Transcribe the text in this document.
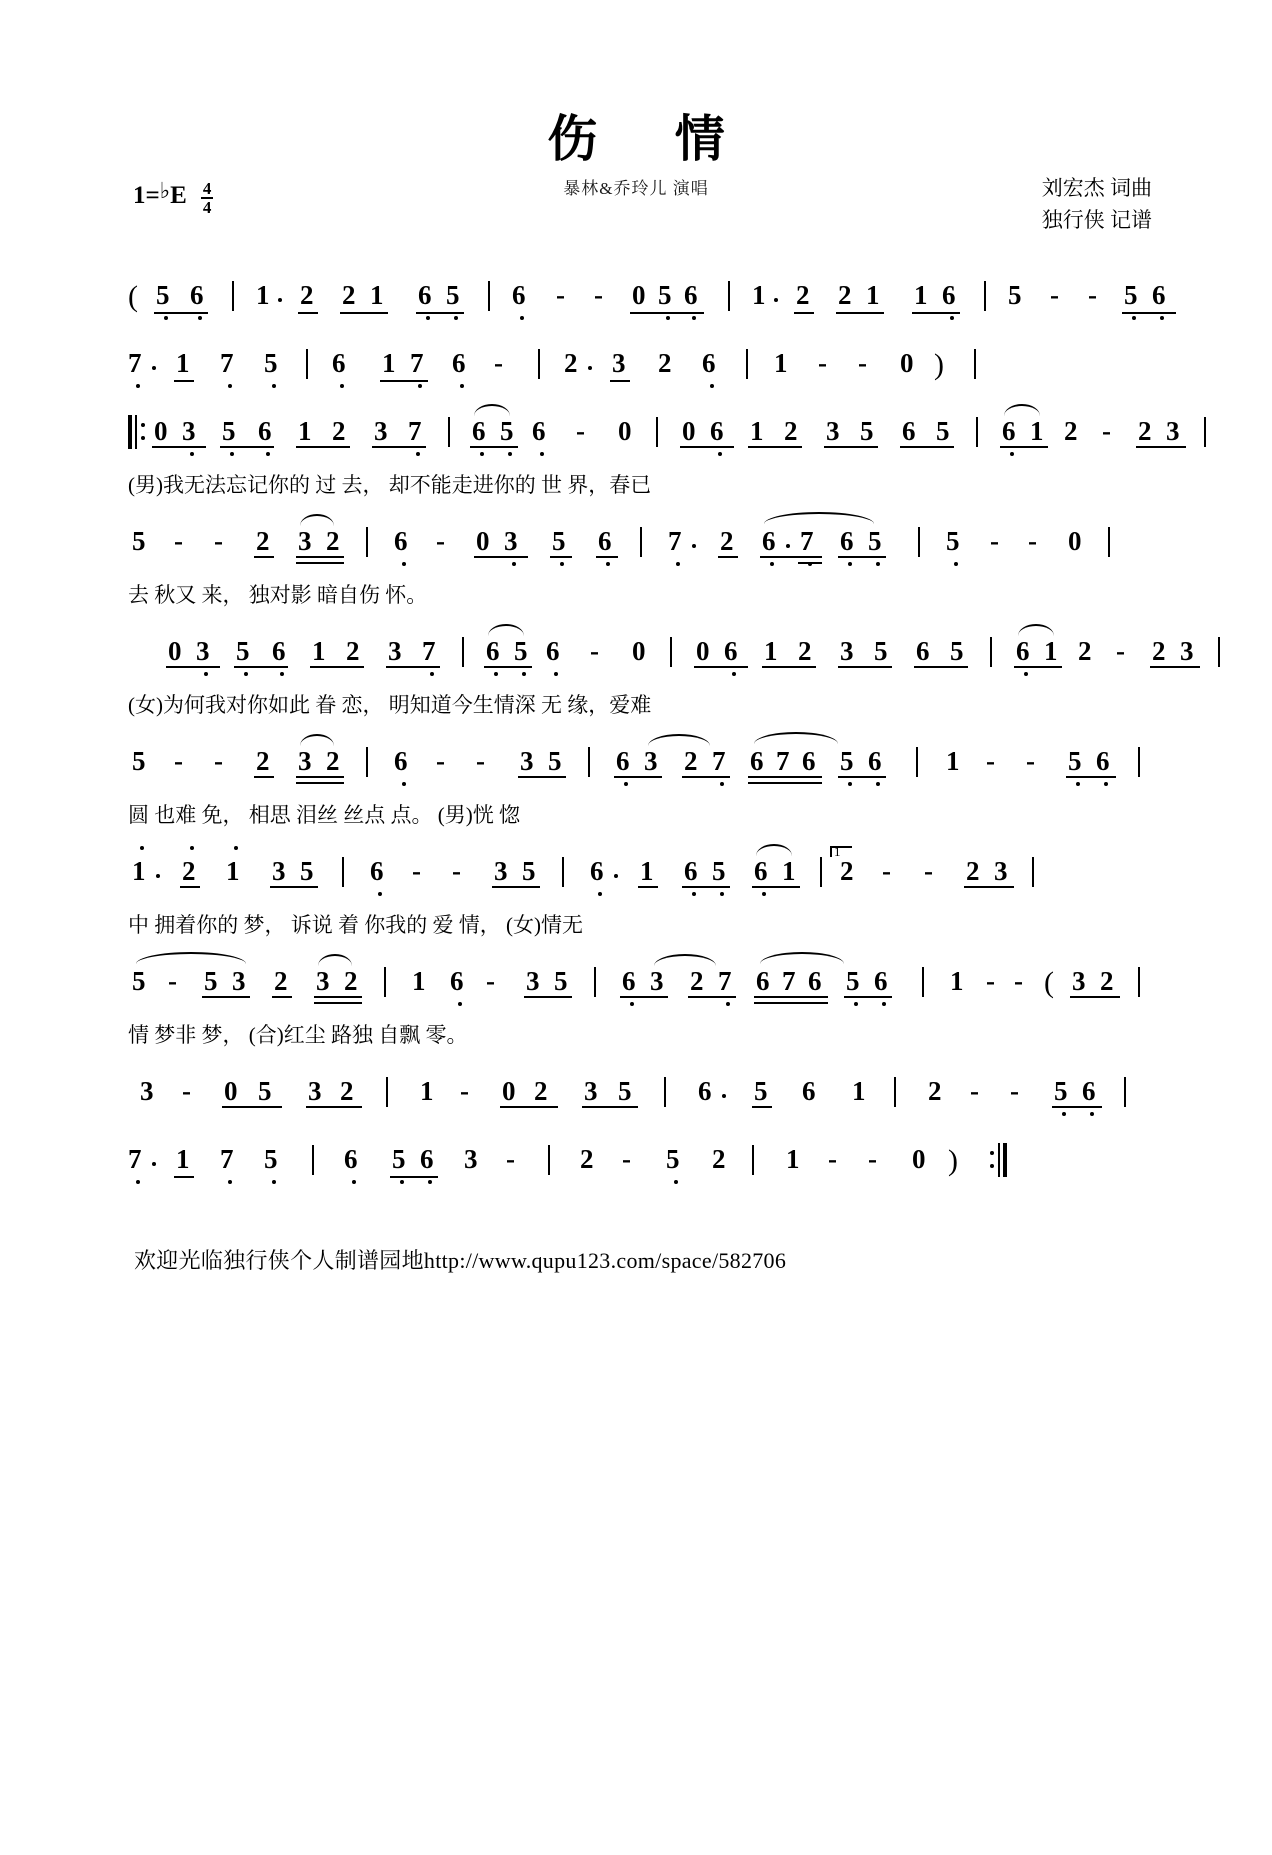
1= ♭ E $\frac{4}{4}$
伤 情
暴林&乔玲儿 演唱	刘宏杰 词曲
独行侠 记谱
( 5 6 1 2 2 1 6 5 6 - - 0 5 6 1 2 2 1 1 6 5 - - 5 6
7 1 7 5 6 1 7 6 - 2 3 2 6 1 - - 0 )
0 3 5 6 1 2 3 7 6 5 6 - 0 0 6 1 2 3 5 6 5 6 1 2 - 2 3
(男)我无法忘记你的 过 去， 却不能走进你的 世 界，春已
5 - - 2 3 2 6 - 0 3 5 6 7 2 6 7 6 5 5 - - 0
去 秋又 来， 独对影 暗自伤 怀。
0 3 5 6 1 2 3 7 6 5 6 - 0 0 6 1 2 3 5 6 5 6 1 2 - 2 3
(女)为何我对你如此 眷 恋， 明知道今生情深 无 缘，爱难
5 - - 2 3 2 6 - - 3 5 6 3 2 7 6 7 6 5 6 1 - - 5 6
圆 也难 免， 相思 泪丝 丝点 点。 (男)恍 惚
1 2 1 3 5 6 - - 3 5 6 1 6 5 6 1
1
2 - - 2 3
中 拥着你的 梦， 诉说 着 你我的 爱 情， (女)情无
5 - 5 3 2 3 2 1 6 - 3 5 6 3 2 7 6 7 6 5 6 1 - - ( 3 2
情 梦非 梦， (合)红尘 路独 自飘 零。
3 - 0 5 3 2 1 - 0 2 3 5 6 5 6 1 2 - - 5 6
7 1 7 5 6 5 6 3 - 2 - 5 2 1 - - 0 )
欢迎光临独行侠个人制谱园地http://www.qupu123.com/space/582706
